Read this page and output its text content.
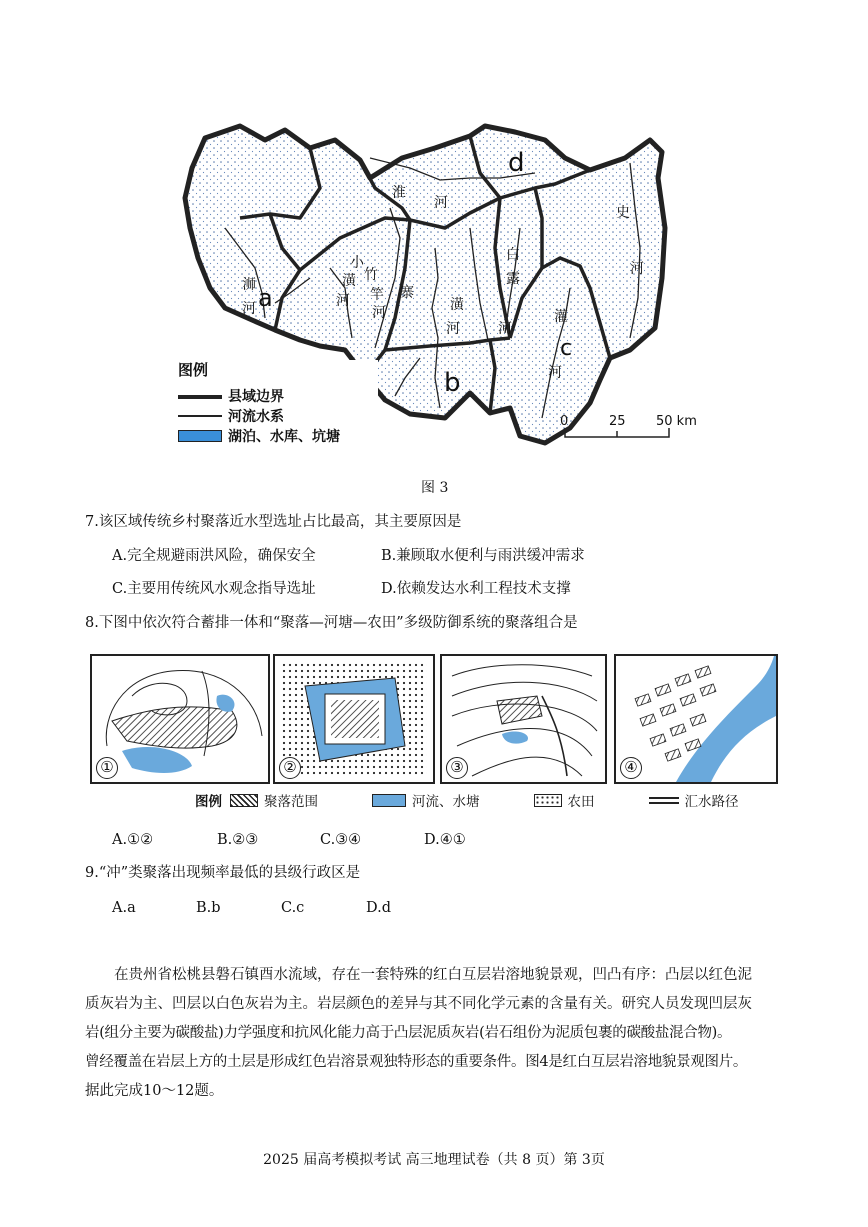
a
b
c
d
淮
河
小
潢
河
竹
竿
河
寨
潢
河
白
露
河
史
河
灌
河
浉
河
图例
县域边界
河流水系
湖泊、水库、坑塘
0	25 50 km
图 3
7.该区域传统乡村聚落近水型选址占比最高，其主要原因是
A.完全规避雨洪风险，确保安全	B.兼顾取水便利与雨洪缓冲需求
C.主要用传统风水观念指导选址	D.依赖发达水利工程技术支撑
8.下图中依次符合蓄排一体和“聚落—河塘—农田”多级防御系统的聚落组合是
①	②	③	④
图例	聚落范围	河流、水塘	农田	汇水路径
A.①②	B.②③	C.③④	D.④①
9.“冲”类聚落出现频率最低的县级行政区是
A.a	B.b	C.c	D.d
在贵州省松桃县磐石镇酉水流域，存在一套特殊的红白互层岩溶地貌景观，凹凸有序：凸层以红色泥
质灰岩为主、凹层以白色灰岩为主。岩层颜色的差异与其不同化学元素的含量有关。研究人员发现凹层灰
岩(组分主要为碳酸盐)力学强度和抗风化能力高于凸层泥质灰岩(岩石组份为泥质包裹的碳酸盐混合物)。
曾经覆盖在岩层上方的土层是形成红色岩溶景观独特形态的重要条件。图4是红白互层岩溶地貌景观图片。
据此完成10～12题。
2025 届高考模拟考试 高三地理试卷（共 8 页）第 3页
